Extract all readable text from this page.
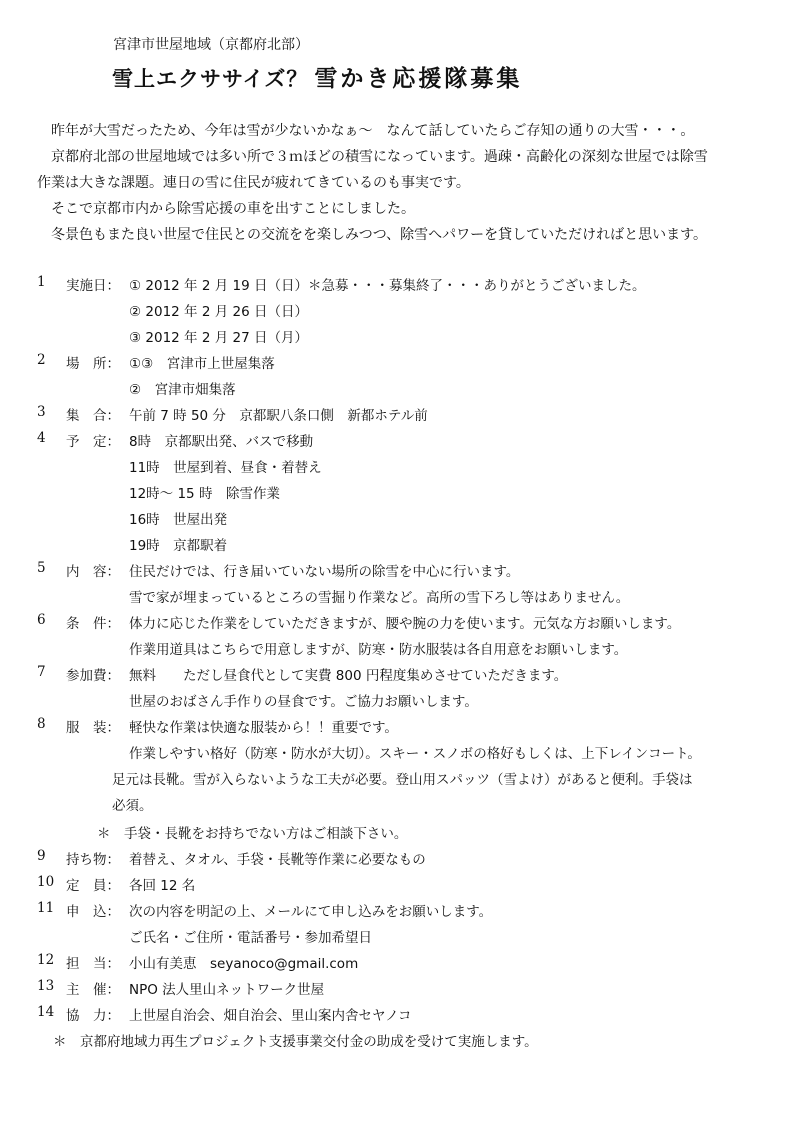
宮津市世屋地域（京都府北部）
雪上エクササイズ？ 雪かき応援隊募集
昨年が大雪だったため、今年は雪が少ないかなぁ～　なんて話していたらご存知の通りの大雪・・・。
京都府北部の世屋地域では多い所で３ｍほどの積雪になっています。過疎・高齢化の深刻な世屋では除雪
作業は大きな課題。連日の雪に住民が疲れてきているのも事実です。
そこで京都市内から除雪応援の車を出すことにしました。
冬景色もまた良い世屋で住民との交流をを楽しみつつ、除雪へパワーを貸していただければと思います。
1	実施日： ① 2012 年 2 月 19 日（日）＊急募・・・募集終了・・・ありがとうございました。
② 2012 年 2 月 26 日（日）
③ 2012 年 2 月 27 日（月）
2	場　所： ①③　宮津市上世屋集落
②　宮津市畑集落
3	集　合： 午前 7 時 50 分　京都駅八条口側　新都ホテル前
4	予　定： 8時　京都駅出発、バスで移動
11時　世屋到着、昼食・着替え
12時～ 15 時　除雪作業
16時　世屋出発
19時　京都駅着
5	内　容： 住民だけでは、行き届いていない場所の除雪を中心に行います。
雪で家が埋まっているところの雪掘り作業など。高所の雪下ろし等はありません。
6	条　件： 体力に応じた作業をしていただきますが、腰や腕の力を使います。元気な方お願いします。
作業用道具はこちらで用意しますが、防寒・防水服装は各自用意をお願いします。
7	参加費： 無料　　ただし昼食代として実費 800 円程度集めさせていただきます。
世屋のおばさん手作りの昼食です。ご協力お願いします。
8	服　装： 軽快な作業は快適な服装から！！重要です。
作業しやすい格好（防寒・防水が大切）。スキー・スノボの格好もしくは、上下レインコート。
足元は長靴。雪が入らないような工夫が必要。登山用スパッツ（雪よけ）があると便利。手袋は
必須。
＊　手袋・長靴をお持ちでない方はご相談下さい。
9	持ち物： 着替え、タオル、手袋・長靴等作業に必要なもの
10 定　員： 各回 12 名
11 申　込： 次の内容を明記の上、メールにて申し込みをお願いします。
ご氏名・ご住所・電話番号・参加希望日
12 担　当： 小山有美恵　seyanoco@gmail.com
13 主　催： NPO 法人里山ネットワーク世屋
14 協　力： 上世屋自治会、畑自治会、里山案内舎セヤノコ
＊　京都府地域力再生プロジェクト支援事業交付金の助成を受けて実施します。
